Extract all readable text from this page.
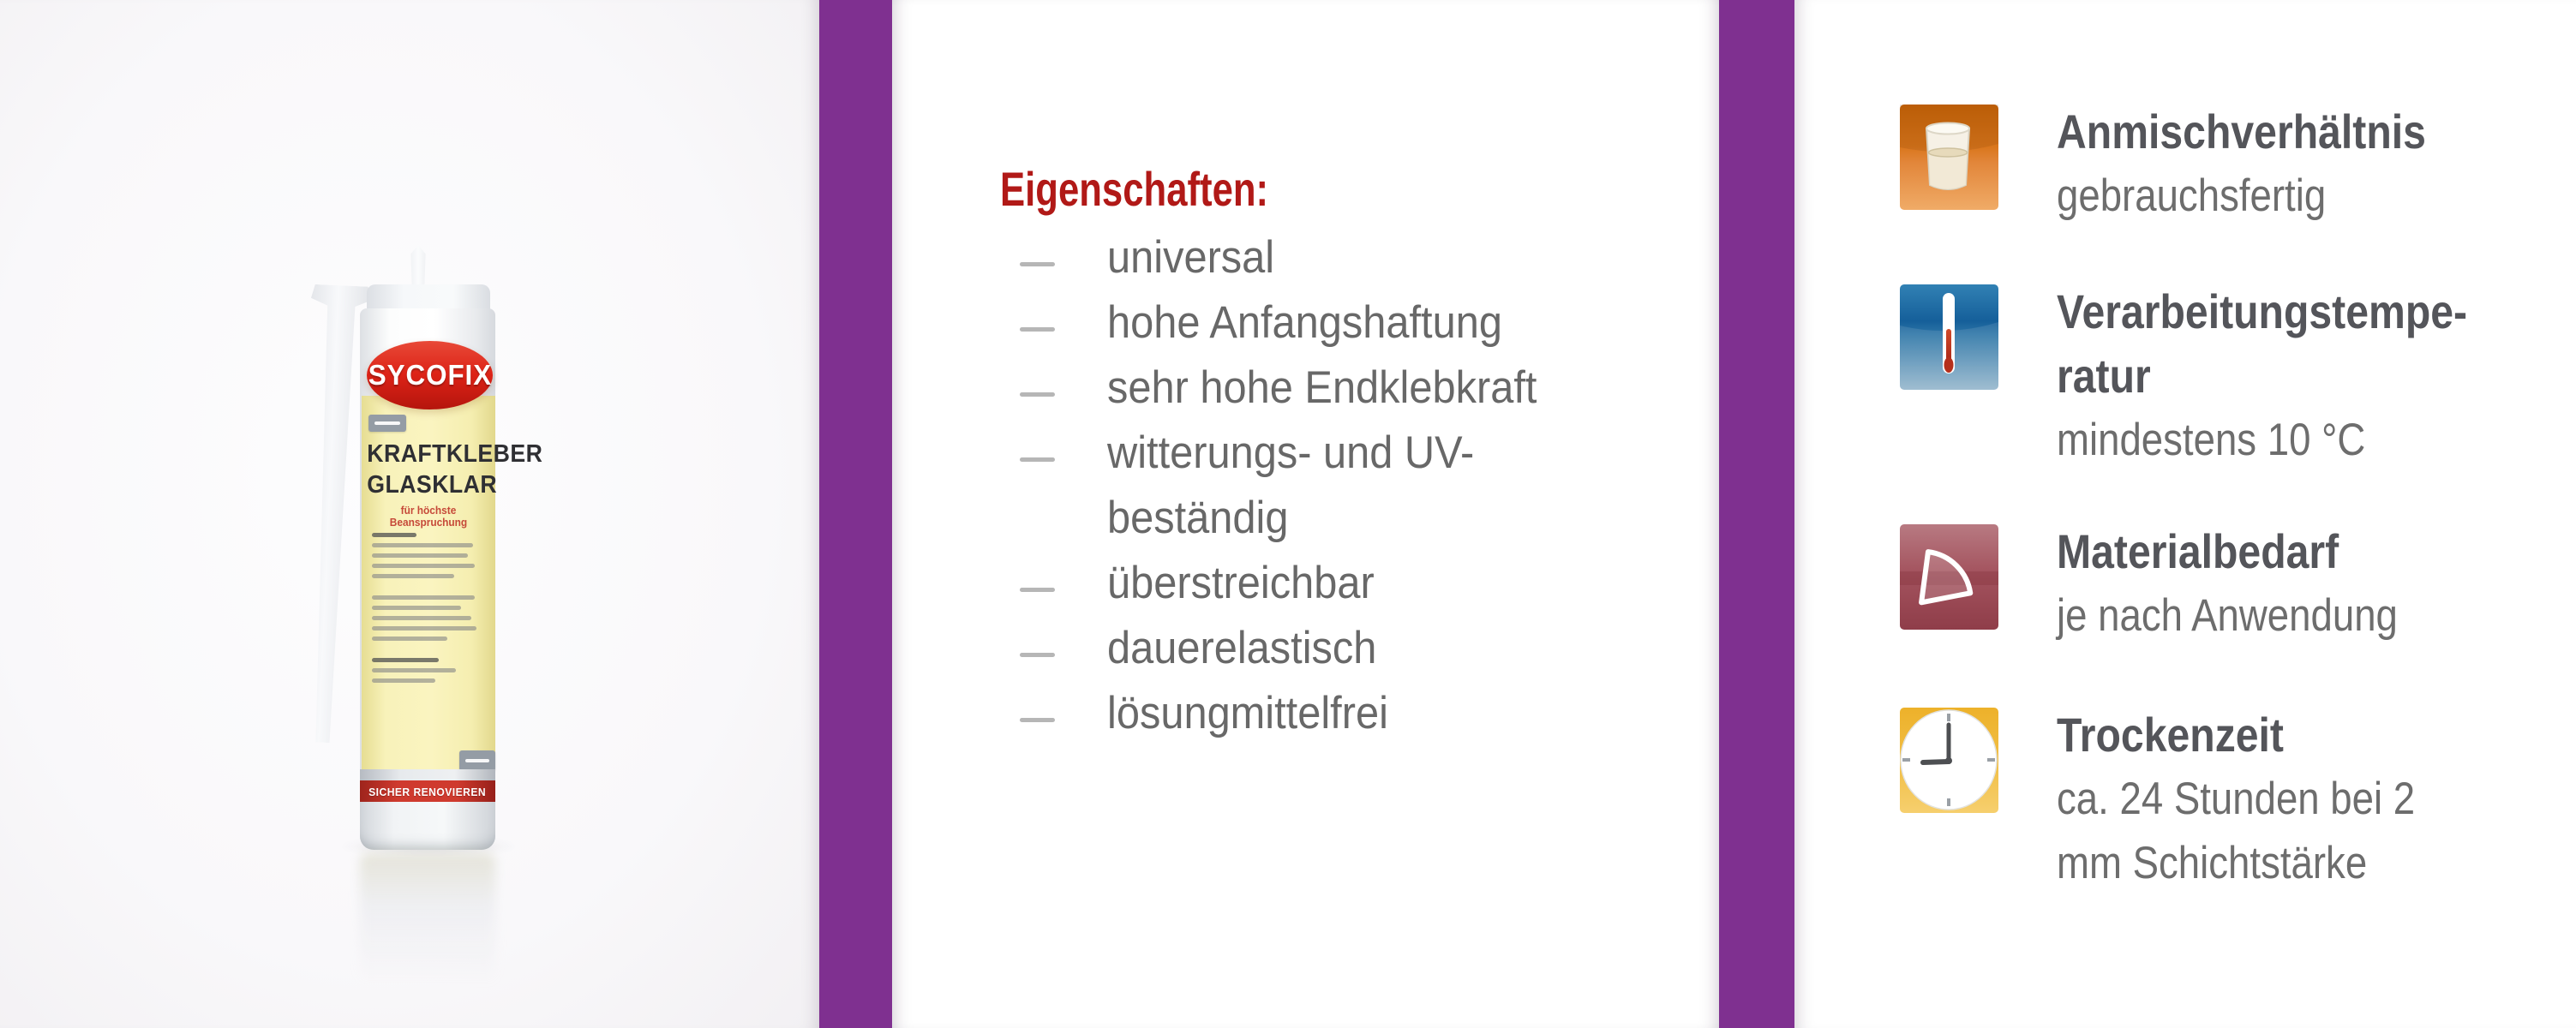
SYCOFIX
KRAFTKLEBER
GLASKLAR
für höchste Beanspruchung
SICHER RENOVIEREN
Eigenschaften:
universal
hohe Anfangshaftung
sehr hohe Endklebkraft
witterungs- und UV-
beständig
überstreichbar
dauerelastisch
lösungmittelfrei
Anmischverhältnis
gebrauchsfertig
Verarbeitungstempe-
ratur
mindestens 10 °C
Materialbedarf
je nach Anwendung
Trockenzeit
ca. 24 Stunden bei 2
mm Schichtstärke
